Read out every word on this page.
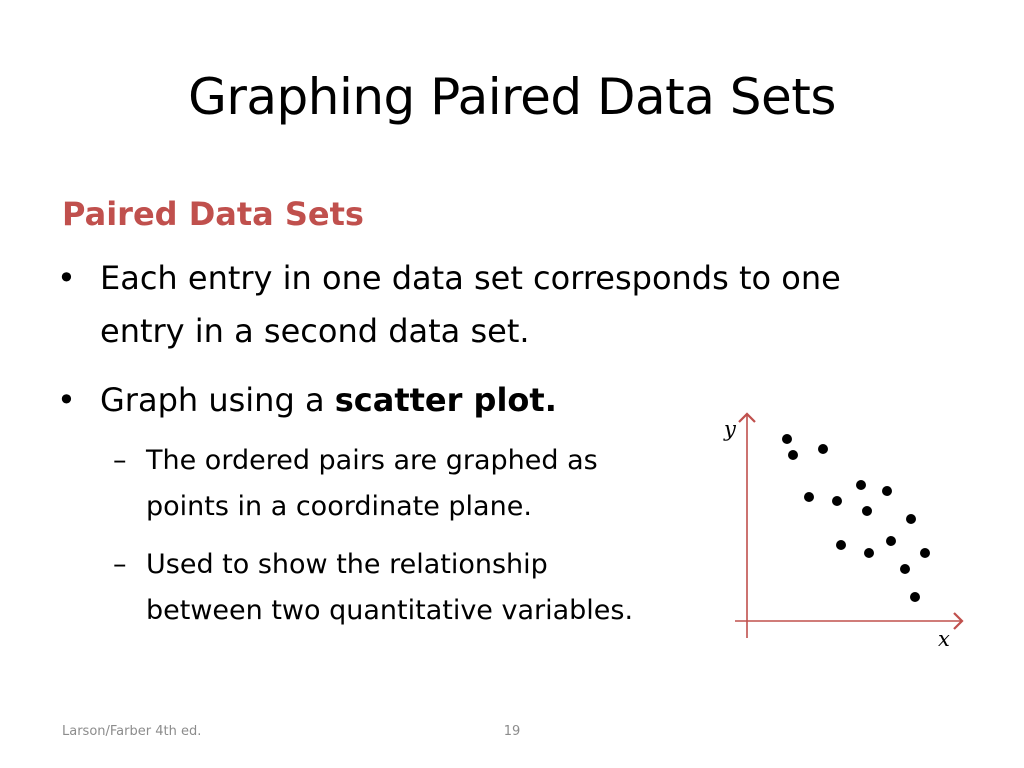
Graphing Paired Data Sets
Paired Data Sets
• Each entry in one data set corresponds to one
entry in a second data set.
• Graph using a scatter plot.
– The ordered pairs are graphed as
points in a coordinate plane.
– Used to show the relationship
between two quantitative variables.
y
x
Larson/Farber 4th ed.	19
